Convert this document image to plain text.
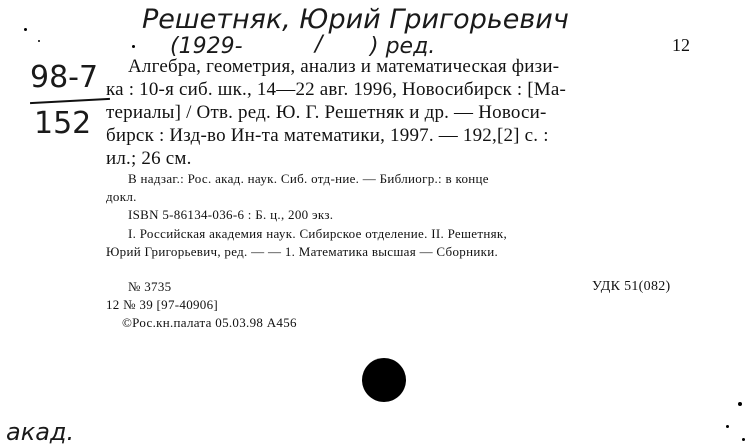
Решетняк, Юрий Григорьевич
(1929-	/ ) ред.
98-7
152
акад.
12
Алгебра, геометрия, анализ и математическая физи-
ка : 10-я сиб. шк., 14—22 авг. 1996, Новосибирск : [Ма-
териалы] / Отв. ред. Ю. Г. Решетняк и др. — Новоси-
бирск : Изд-во Ин-та математики, 1997. — 192,[2] с. :
ил.; 26 см.
В надзаг.: Рос. акад. наук. Сиб. отд-ние. — Библиогр.: в конце
докл.
ISBN 5-86134-036-6 : Б. ц., 200 экз.
I. Российская академия наук. Сибирское отделение. II. Решетняк,
Юрий Григорьевич, ред. — — 1. Математика высшая — Сборники.
№ 3735	УДК 51(082)
12 № 39 [97-40906]
©Рос.кн.палата 05.03.98 А456
